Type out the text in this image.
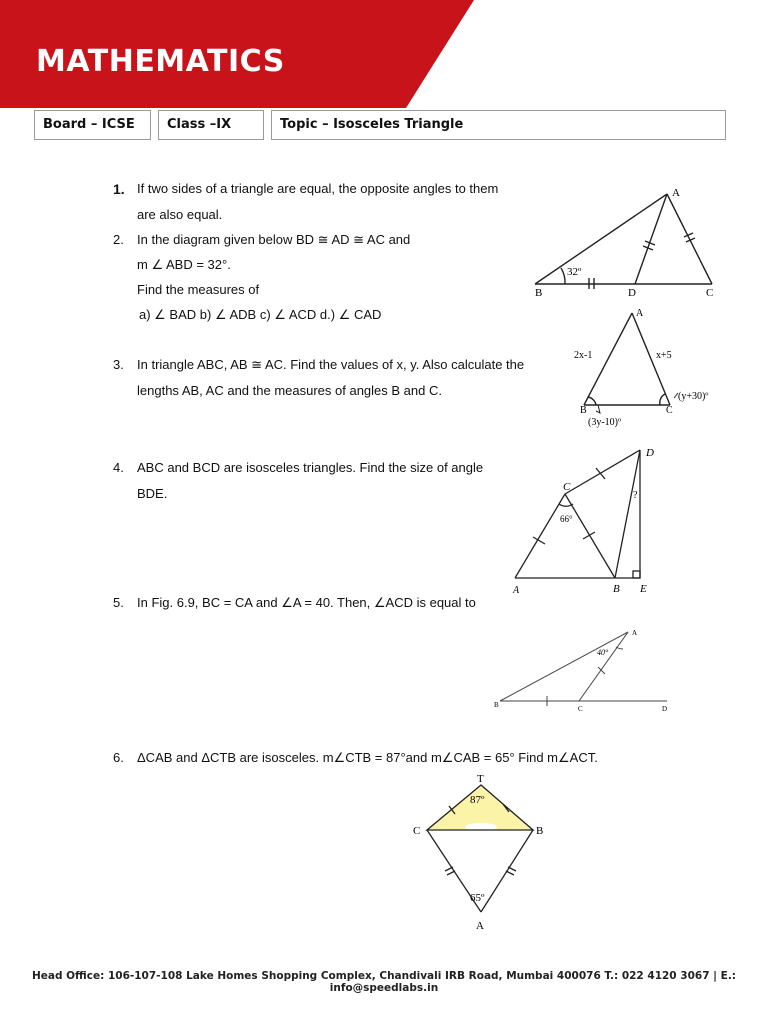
MATHEMATICS
Board – ICSE	Class –IX	Topic – Isosceles Triangle
1. If two sides of a triangle are equal, the opposite angles to them
are also equal.
2. In the diagram given below BD ≅ AD ≅ AC and
m ∠ ABD = 32°.
Find the measures of
a) ∠ BAD b) ∠ ADB c) ∠ ACD d.) ∠ CAD
3. In triangle ABC, AB ≅ AC. Find the values of x, y. Also calculate the
lengths AB, AC and the measures of angles B and C.
4. ABC and BCD are isosceles triangles. Find the size of angle
BDE.
5. In Fig. 6.9, BC = CA and ∠A = 40. Then, ∠ACD is equal to
6. ΔCAB and ΔCTB are isosceles. m∠CTB = 87°and m∠CAB = 65° Find m∠ACT.
A
B	D	C
32º
A
B	C
2x-1	x+5
(y+30)º
(3y-10)º
D
C
A	B E
66°
?
A
B	C	D
40°
T
C	B
A
87º
65º
Head Office: 106-107-108 Lake Homes Shopping Complex, Chandivali IRB Road, Mumbai 400076 T.: 022 4120 3067 | E.: info@speedlabs.in
